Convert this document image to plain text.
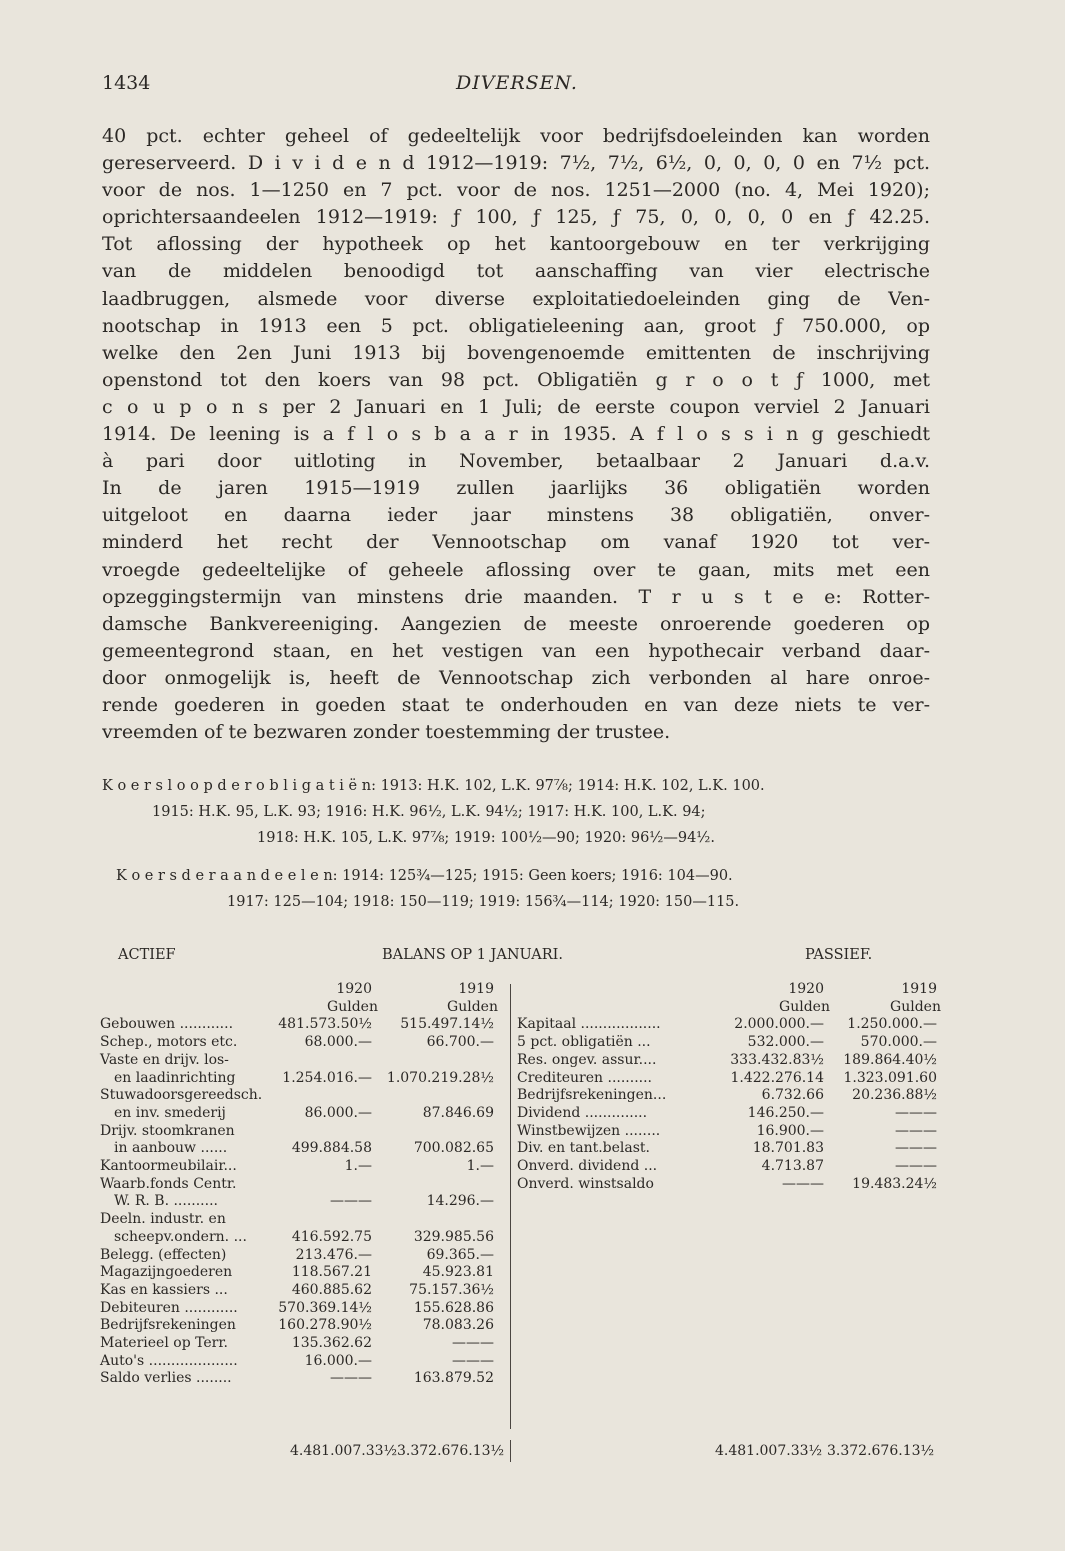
1434	DIVERSEN.
40 pct. echter geheel of gedeeltelijk voor bedrijfsdoeleinden kan worden
gereserveerd. D i v i d e n d 1912—1919: 7½, 7½, 6½, 0, 0, 0, 0 en 7½ pct.
voor de nos. 1—1250 en 7 pct. voor de nos. 1251—2000 (no. 4, Mei 1920);
oprichtersaandeelen 1912—1919: ƒ 100, ƒ 125, ƒ 75, 0, 0, 0, 0 en ƒ 42.25.
Tot aflossing der hypotheek op het kantoorgebouw en ter verkrijging
van de middelen benoodigd tot aanschaffing van vier electrische
laadbruggen, alsmede voor diverse exploitatiedoeleinden ging de Ven-
nootschap in 1913 een 5 pct. obligatieleening aan, groot ƒ 750.000, op
welke den 2en Juni 1913 bij bovengenoemde emittenten de inschrijving
openstond tot den koers van 98 pct. Obligatiën g r o o t ƒ 1000, met
c o u p o n s per 2 Januari en 1 Juli; de eerste coupon verviel 2 Januari
1914. De leening is a f l o s b a a r in 1935. A f l o s s i n g geschiedt
à pari door uitloting in November, betaalbaar 2 Januari d.a.v.
In de jaren 1915—1919 zullen jaarlijks 36 obligatiën worden
uitgeloot en daarna ieder jaar minstens 38 obligatiën, onver-
minderd het recht der Vennootschap om vanaf 1920 tot ver-
vroegde gedeeltelijke of geheele aflossing over te gaan, mits met een
opzeggingstermijn van minstens drie maanden. T r u s t e e: Rotter-
damsche Bankvereeniging. Aangezien de meeste onroerende goederen op
gemeentegrond staan, en het vestigen van een hypothecair verband daar-
door onmogelijk is, heeft de Vennootschap zich verbonden al hare onroe-
rende goederen in goeden staat te onderhouden en van deze niets te ver-
vreemden of te bezwaren zonder toestemming der trustee.
K o e r s l o o p d e r o b l i g a t i ë n: 1913: H.K. 102, L.K. 97⅞; 1914: H.K. 102, L.K. 100.
1915: H.K. 95, L.K. 93; 1916: H.K. 96½, L.K. 94½; 1917: H.K. 100, L.K. 94;
1918: H.K. 105, L.K. 97⅞; 1919: 100½—90; 1920: 96½—94½.
K o e r s d e r a a n d e e l e n: 1914: 125¾—125; 1915: Geen koers; 1916: 104—90.
1917: 125—104; 1918: 150—119; 1919: 156¾—114; 1920: 150—115.
ACTIEF	BALANS OP 1 JANUARI.	PASSIEF.
1920	1919
Gulden	Gulden
Gebouwen ............	481.573.50½ 515.497.14½
Schep., motors etc.	68.000.—	66.700.—
Vaste en drijv. los-
en laadinrichting	1.254.016.— 1.070.219.28½
Stuwadoorsgereedsch.
en inv. smederij	86.000.—	87.846.69
Drijv. stoomkranen
in aanbouw ......	499.884.58	700.082.65
Kantoormeubilair...	1.—	1.—
Waarb.fonds Centr.
W. R. B. ..........	———	14.296.—
Deeln. industr. en
scheepv.ondern. ...	416.592.75	329.985.56
Belegg. (effecten)	213.476.—	69.365.—
Magazijngoederen	118.567.21	45.923.81
Kas en kassiers ...	460.885.62	75.157.36½
Debiteuren ............	570.369.14½	155.628.86
Bedrijfsrekeningen	160.278.90½	78.083.26
Materieel op Terr.	135.362.62	———
Auto's ....................	16.000.—	———
Saldo verlies ........	———	163.879.52
1920	1919
Gulden	Gulden
Kapitaal ..................	2.000.000.— 1.250.000.—
5 pct. obligatiën ...	532.000.—	570.000.—
Res. ongev. assur....	333.432.83½ 189.864.40½
Crediteuren ..........	1.422.276.14 1.323.091.60
Bedrijfsrekeningen...	6.732.66 20.236.88½
Dividend ..............	146.250.—	———
Winstbewijzen ........	16.900.—	———
Div. en tant.belast.	18.701.83	———
Onverd. dividend ...	4.713.87	———
Onverd. winstsaldo	——— 19.483.24½
4.481.007.33½ 3.372.676.13½	4.481.007.33½ 3.372.676.13½
